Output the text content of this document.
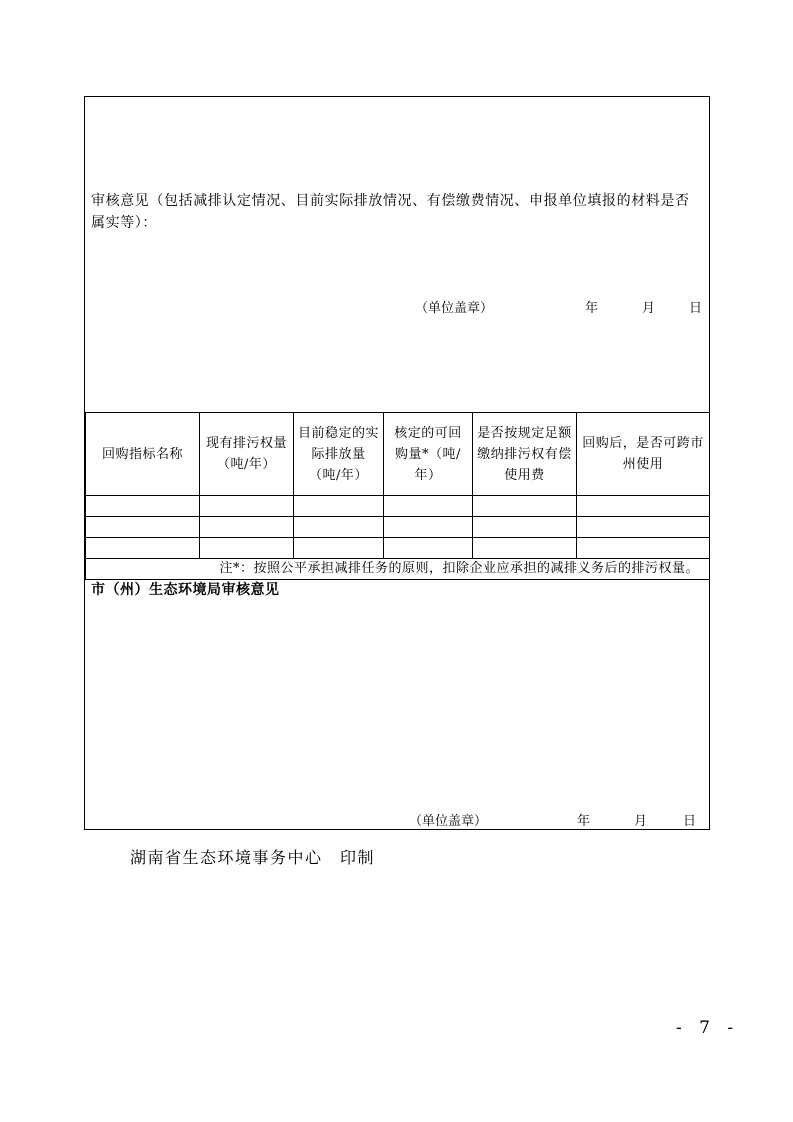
审核意见（包括减排认定情况、目前实际排放情况、有偿缴费情况、申报单位填报的材料是否属实等）：
（单位盖章）	年	月	日
回购指标名称	现有排污权量（吨/年）	目前稳定的实际排放量（吨/年）	核定的可回购量*（吨/年）	是否按规定足额缴纳排污权有偿使用费	回购后，是否可跨市州使用

注*：按照公平承担减排任务的原则，扣除企业应承担的减排义务后的排污权量。					
市（州）生态环境局审核意见
（单位盖章）	年	月	日
湖南省生态环境事务中心　印制
- 7 -
